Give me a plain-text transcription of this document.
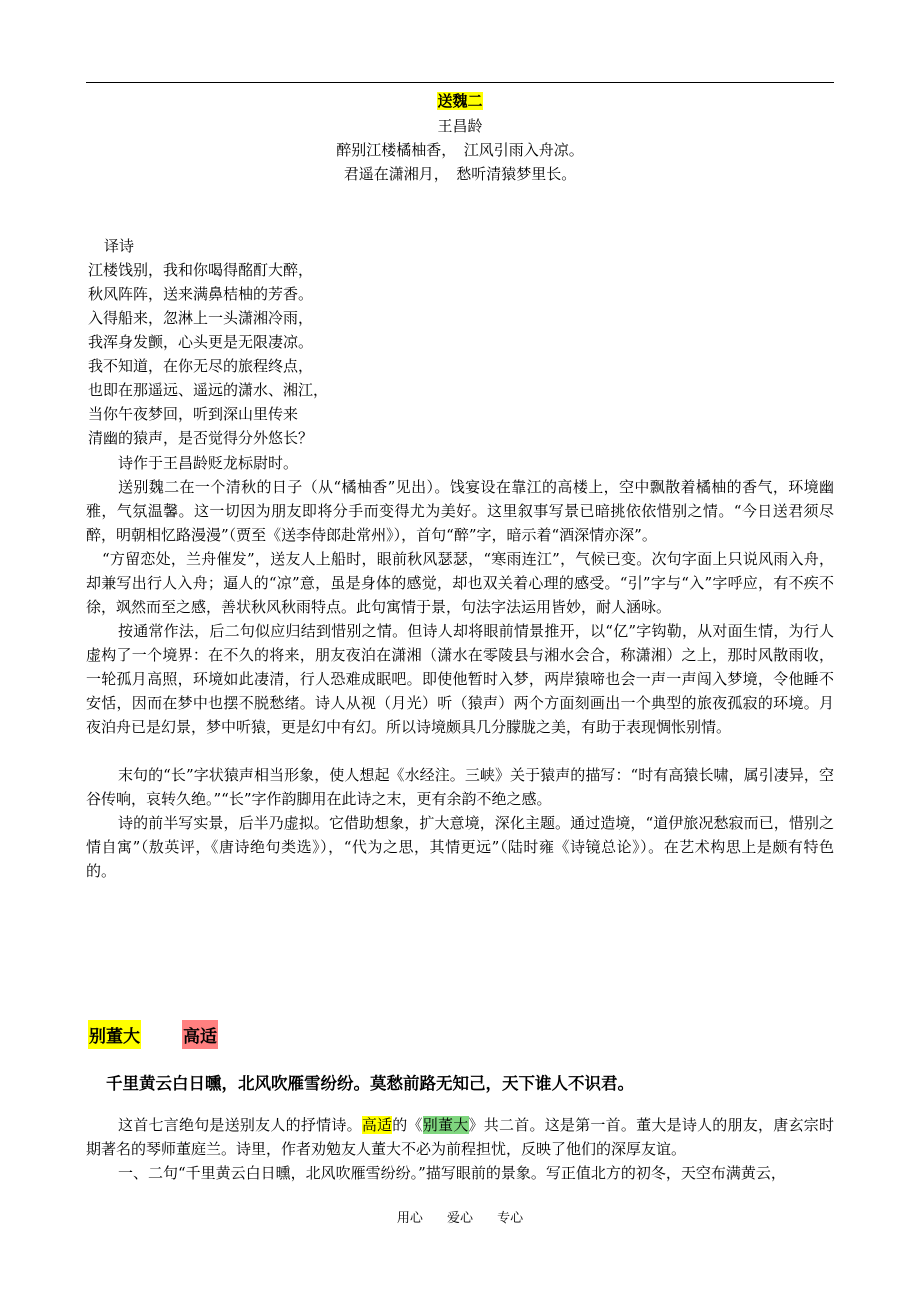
送魏二
王昌龄
醉别江楼橘柚香，　江风引雨入舟凉。
君遥在潇湘月，　愁听清猿梦里长。
译诗
江楼饯别，我和你喝得酩酊大醉，
秋风阵阵，送来满鼻桔柚的芳香。
入得船来，忽淋上一头潇湘冷雨，
我浑身发颤，心头更是无限凄凉。
我不知道，在你无尽的旅程终点，
也即在那遥远、遥远的潇水、湘江，
当你午夜梦回，听到深山里传来
清幽的猿声，是否觉得分外悠长？
诗作于王昌龄贬龙标尉时。
送别魏二在一个清秋的日子（从“橘柚香”见出）。饯宴设在靠江的高楼上，空中飘散着橘柚的香气，环境幽雅，气氛温馨。这一切因为朋友即将分手而变得尤为美好。这里叙事写景已暗挑依依惜别之情。“今日送君须尽醉，明朝相忆路漫漫”（贾至《送李侍郎赴常州》），首句“醉”字，暗示着“酒深情亦深”。
“方留恋处，兰舟催发”，送友人上船时，眼前秋风瑟瑟，“寒雨连江”，气候已变。次句字面上只说风雨入舟，却兼写出行人入舟；逼人的“凉”意，虽是身体的感觉，却也双关着心理的感受。“引”字与“入”字呼应，有不疾不徐，飒然而至之感，善状秋风秋雨特点。此句寓情于景，句法字法运用皆妙，耐人涵咏。
按通常作法，后二句似应归结到惜别之情。但诗人却将眼前情景推开，以“亿”字钩勒，从对面生情，为行人虚构了一个境界：在不久的将来，朋友夜泊在潇湘（潇水在零陵县与湘水会合，称潇湘）之上，那时风散雨收，一轮孤月高照，环境如此凄清，行人恐难成眠吧。即使他暂时入梦，两岸猿啼也会一声一声闯入梦境，令他睡不安恬，因而在梦中也摆不脱愁绪。诗人从视（月光）听（猿声）两个方面刻画出一个典型的旅夜孤寂的环境。月夜泊舟已是幻景，梦中听猿，更是幻中有幻。所以诗境颇具几分朦胧之美，有助于表现惆怅别情。
末句的“长”字状猿声相当形象，使人想起《水经注。三峡》关于猿声的描写：“时有高猿长啸，属引凄异，空谷传响，哀转久绝。”“长”字作韵脚用在此诗之末，更有余韵不绝之感。
诗的前半写实景，后半乃虚拟。它借助想象，扩大意境，深化主题。通过造境，“道伊旅况愁寂而已，惜别之情自寓”（敖英评，《唐诗绝句类选》），“代为之思，其情更远”（陆时雍《诗镜总论》）。在艺术构思上是颇有特色的。
别董大	高适
千里黄云白日曛，北风吹雁雪纷纷。莫愁前路无知己，天下谁人不识君。
这首七言绝句是送别友人的抒情诗。高适的《别董大》共二首。这是第一首。董大是诗人的朋友，唐玄宗时期著名的琴师董庭兰。诗里，作者劝勉友人董大不必为前程担忧，反映了他们的深厚友谊。
一、二句“千里黄云白日曛，北风吹雁雪纷纷。”描写眼前的景象。写正值北方的初冬，天空布满黄云，
用心 爱心 专心
